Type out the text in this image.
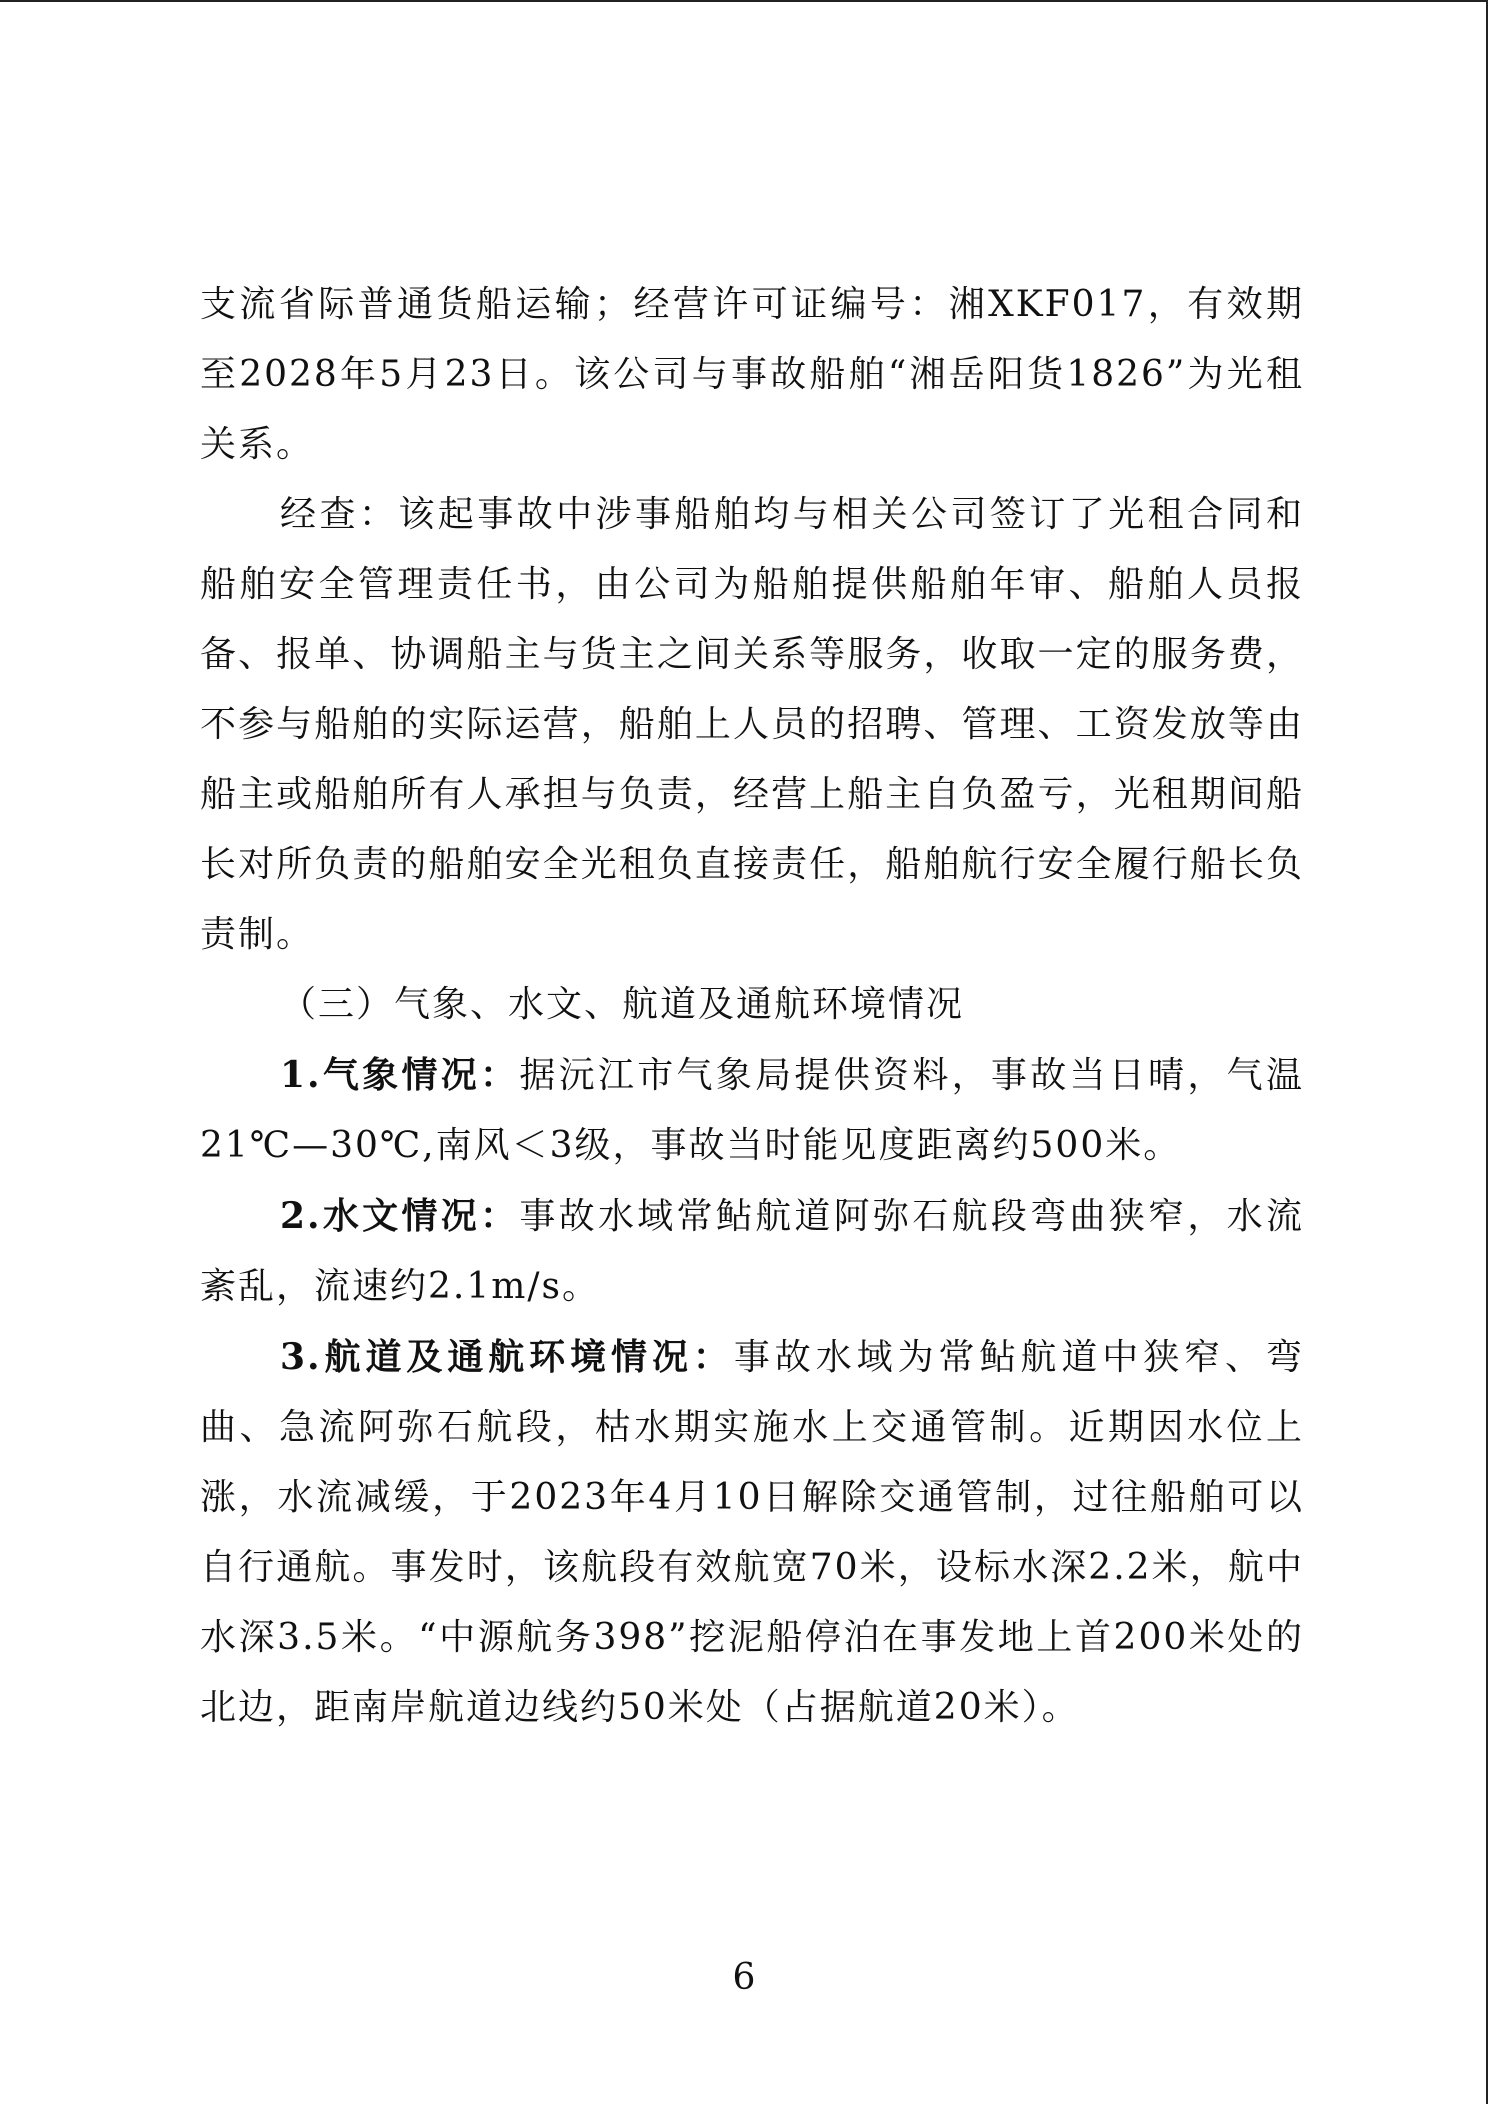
支流省际普通货船运输；经营许可证编号：湘XKF017，有效期至2028年5月23日。该公司与事故船舶“湘岳阳货1826”为光租关系。

经查：该起事故中涉事船舶均与相关公司签订了光租合同和船舶安全管理责任书，由公司为船舶提供船舶年审、船舶人员报备、报单、协调船主与货主之间关系等服务，收取一定的服务费，不参与船舶的实际运营，船舶上人员的招聘、管理、工资发放等由船主或船舶所有人承担与负责，经营上船主自负盈亏，光租期间船长对所负责的船舶安全光租负直接责任，船舶航行安全履行船长负责制。

（三）气象、水文、航道及通航环境情况

1.气象情况：据沅江市气象局提供资料，事故当日晴，气温21℃—30℃,南风＜3级，事故当时能见度距离约500米。

2.水文情况：事故水域常鲇航道阿弥石航段弯曲狭窄，水流紊乱，流速约2.1m/s。

3.航道及通航环境情况：事故水域为常鲇航道中狭窄、弯曲、急流阿弥石航段，枯水期实施水上交通管制。近期因水位上涨，水流减缓，于2023年4月10日解除交通管制，过往船舶可以自行通航。事发时，该航段有效航宽70米，设标水深2.2米，航中水深3.5米。“中源航务398”挖泥船停泊在事发地上首200米处的北边，距南岸航道边线约50米处（占据航道20米）。

6
